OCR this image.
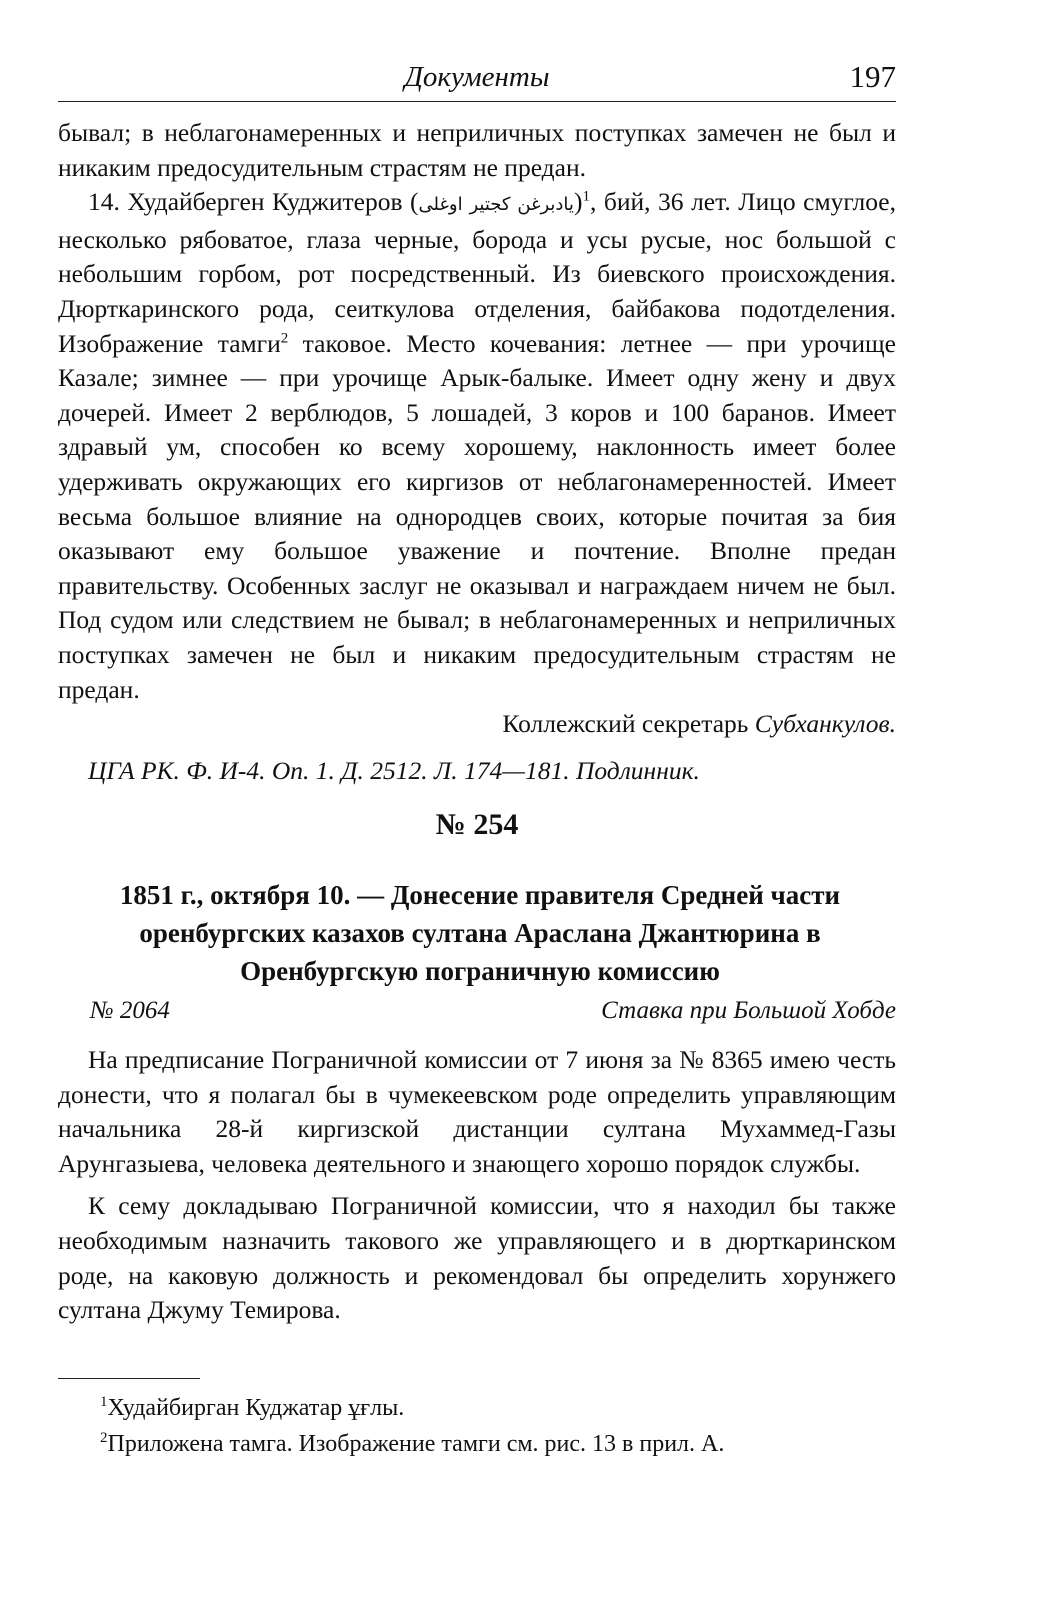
Документы	197

бывал; в неблагонамеренных и неприличных поступках замечен не был и никаким предосудительным страстям не предан.

14. Худайберген Куджитеров (یادبرغن کجتیر اوغلی)$^1$, бий, 36 лет. Лицо смуглое, несколько рябоватое, глаза черные, борода и усы русые, нос большой с небольшим горбом, рот посредственный. Из биевского происхождения. Дюрткаринского рода, сеиткулова отделения, байбакова подотделения. Изображение тамги$^2$ таковое. Место кочевания: летнее — при урочище Казале; зимнее — при урочище Арык-балыке. Имеет одну жену и двух дочерей. Имеет 2 верблюдов, 5 лошадей, 3 коров и 100 баранов. Имеет здравый ум, способен ко всему хорошему, наклонность имеет более удерживать окружающих его киргизов от неблагонамеренностей. Имеет весьма большое влияние на однородцев своих, которые почитая за бия оказывают ему большое уважение и почтение. Вполне предан правительству. Особенных заслуг не оказывал и награждаем ничем не был. Под судом или следствием не бывал; в неблагонамеренных и неприличных поступках замечен не был и никаким предосудительным страстям не предан.

Коллежский секретарь Субханкулов.

ЦГА РК. Ф. И-4. Оп. 1. Д. 2512. Л. 174—181. Подлинник.

№ 254
1851 г., октября 10. — Донесение правителя Средней части оренбургских казахов султана Араслана Джантюрина в Оренбургскую пограничную комиссию
№ 2064	Ставка при Большой Хобде

На предписание Пограничной комиссии от 7 июня за № 8365 имею честь донести, что я полагал бы в чумекеевском роде определить управляющим начальника 28-й киргизской дистанции султана Мухаммед-Газы Арунгазыева, человека деятельного и знающего хорошо порядок службы.

К сему докладываю Пограничной комиссии, что я находил бы также необходимым назначить такового же управляющего и в дюрткаринском роде, на каковую должность и рекомендовал бы определить хорунжего султана Джуму Темирова.

$^1$Худайбирган Куджатар ұғлы.
$^2$Приложена тамга. Изображение тамги см. рис. 13 в прил. А.
